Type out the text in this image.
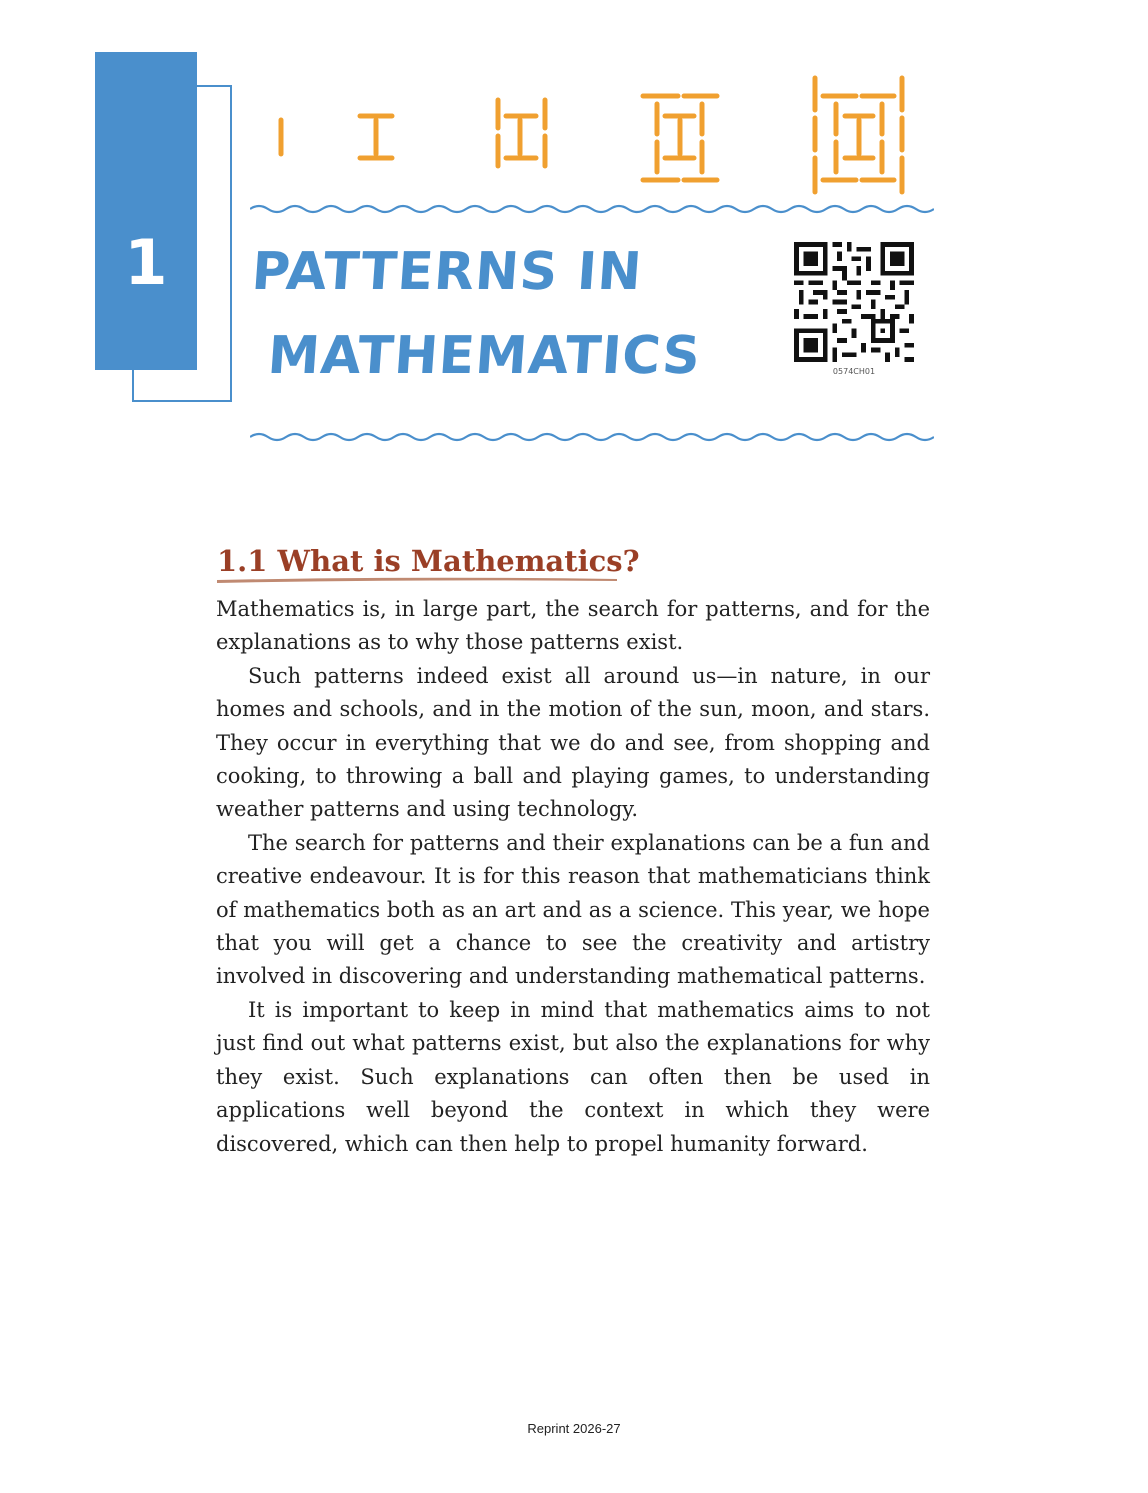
1	PATTERNS IN
MATHEMATICS	0574CH01
1.1 What is Mathematics?

Mathematics is, in large part, the search for patterns, and for the explanations as to why those patterns exist.

Such patterns indeed exist all around us—in nature, in our homes and schools, and in the motion of the sun, moon, and stars. They occur in everything that we do and see, from shopping and cooking, to throwing a ball and playing games, to understanding weather patterns and using technology.

The search for patterns and their explanations can be a fun and creative endeavour. It is for this reason that mathematicians think of mathematics both as an art and as a science. This year, we hope that you will get a chance to see the creativity and artistry involved in discovering and understanding mathematical patterns.

It is important to keep in mind that mathematics aims to not just find out what patterns exist, but also the explanations for why they exist. Such explanations can often then be used in applications well beyond the context in which they were discovered, which can then help to propel humanity forward.

Reprint 2026-27
